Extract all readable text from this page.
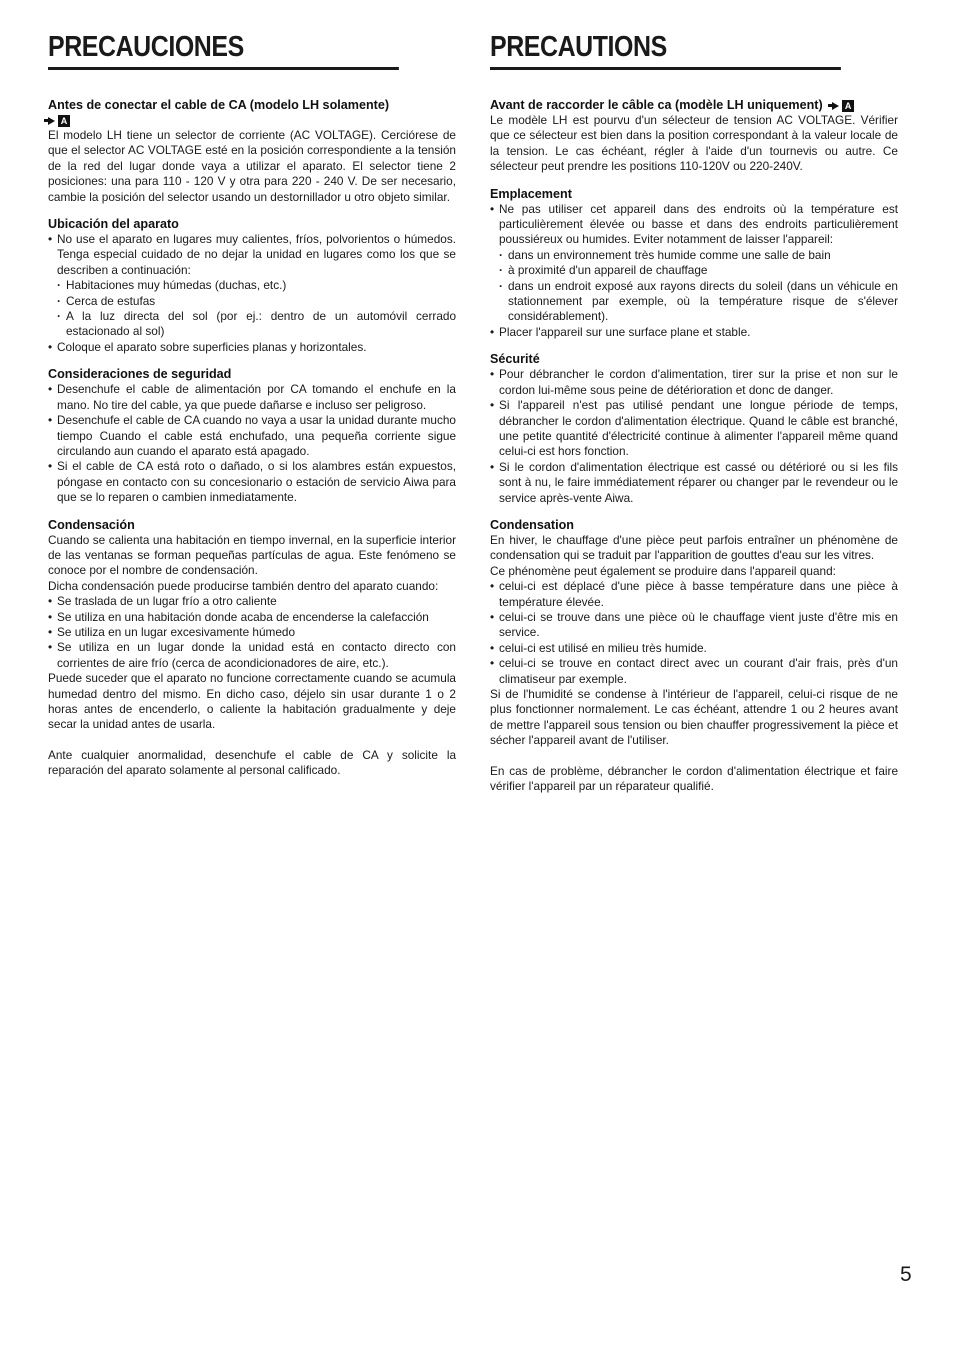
PRECAUCIONES
Antes de conectar el cable de CA (modelo LH solamente)

A

El modelo LH tiene un selector de corriente (AC VOLTAGE). Cerciórese de que el selector AC VOLTAGE esté en la posición correspondiente a la tensión de la red del lugar donde vaya a utilizar el aparato. El selector tiene 2 posiciones: una para 110 - 120 V y otra para 220 - 240 V. De ser necesario, cambie la posición del selector usando un destornillador u otro objeto similar.

Ubicación del aparato
• No use el aparato en lugares muy calientes, fríos, polvorientos o húmedos. Tenga especial cuidado de no dejar la unidad en lugares como los que se describen a continuación:
· Habitaciones muy húmedas (duchas, etc.)
· Cerca de estufas
· A la luz directa del sol (por ej.: dentro de un automóvil cerrado estacionado al sol)
• Coloque el aparato sobre superficies planas y horizontales.
Consideraciones de seguridad
• Desenchufe el cable de alimentación por CA tomando el enchufe en la mano. No tire del cable, ya que puede dañarse e incluso ser peligroso.
• Desenchufe el cable de CA cuando no vaya a usar la unidad durante mucho tiempo Cuando el cable está enchufado, una pequeña corriente sigue circulando aun cuando el aparato está apagado.
• Si el cable de CA está roto o dañado, o si los alambres están expuestos, póngase en contacto con su concesionario o estación de servicio Aiwa para que se lo reparen o cambien inmediatamente.
Condensación

Cuando se calienta una habitación en tiempo invernal, en la superficie interior de las ventanas se forman pequeñas partículas de agua. Este fenómeno se conoce por el nombre de condensación.

Dicha condensación puede producirse también dentro del aparato cuando:

• Se traslada de un lugar frío a otro caliente
• Se utiliza en una habitación donde acaba de encenderse la calefacción
• Se utiliza en un lugar excesivamente húmedo
• Se utiliza en un lugar donde la unidad está en contacto directo con corrientes de aire frío (cerca de acondicionadores de aire, etc.).

Puede suceder que el aparato no funcione correctamente cuando se acumula humedad dentro del mismo. En dicho caso, déjelo sin usar durante 1 o 2 horas antes de encenderlo, o caliente la habitación gradualmente y deje secar la unidad antes de usarla.

Ante cualquier anormalidad, desenchufe el cable de CA y solicite la reparación del aparato solamente al personal calificado.

PRECAUTIONS
Avant de raccorder le câble ca (modèle LH uniquement)	A

Le modèle LH est pourvu d'un sélecteur de tension AC VOLTAGE. Vérifier que ce sélecteur est bien dans la position correspondant à la valeur locale de la tension. Le cas échéant, régler à l'aide d'un tournevis ou autre. Ce sélecteur peut prendre les positions 110-120V ou 220-240V.

Emplacement
• Ne pas utiliser cet appareil dans des endroits où la température est particulièrement élevée ou basse et dans des endroits particulièrement poussiéreux ou humides. Eviter notamment de laisser l'appareil:
· dans un environnement très humide comme une salle de bain
· à proximité d'un appareil de chauffage
· dans un endroit exposé aux rayons directs du soleil (dans un véhicule en stationnement par exemple, où la température risque de s'élever considérablement).
• Placer l'appareil sur une surface plane et stable.
Sécurité
• Pour débrancher le cordon d'alimentation, tirer sur la prise et non sur le cordon lui-même sous peine de détérioration et donc de danger.
• Si l'appareil n'est pas utilisé pendant une longue période de temps, débrancher le cordon d'alimentation électrique. Quand le câble est branché, une petite quantité d'électricité continue à alimenter l'appareil même quand celui-ci est hors fonction.
• Si le cordon d'alimentation électrique est cassé ou détérioré ou si les fils sont à nu, le faire immédiatement réparer ou changer par le revendeur ou le service après-vente Aiwa.
Condensation

En hiver, le chauffage d'une pièce peut parfois entraîner un phénomène de condensation qui se traduit par l'apparition de gouttes d'eau sur les vitres.

Ce phénomène peut également se produire dans l'appareil quand:

• celui-ci est déplacé d'une pièce à basse température dans une pièce à température élevée.
• celui-ci se trouve dans une pièce où le chauffage vient juste d'être mis en service.
• celui-ci est utilisé en milieu très humide.
• celui-ci se trouve en contact direct avec un courant d'air frais, près d'un climatiseur par exemple.

Si de l'humidité se condense à l'intérieur de l'appareil, celui-ci risque de ne plus fonctionner normalement. Le cas échéant, attendre 1 ou 2 heures avant de mettre l'appareil sous tension ou bien chauffer progressivement la pièce et sécher l'appareil avant de l'utiliser.

En cas de problème, débrancher le cordon d'alimentation électrique et faire vérifier l'appareil par un réparateur qualifié.

5
